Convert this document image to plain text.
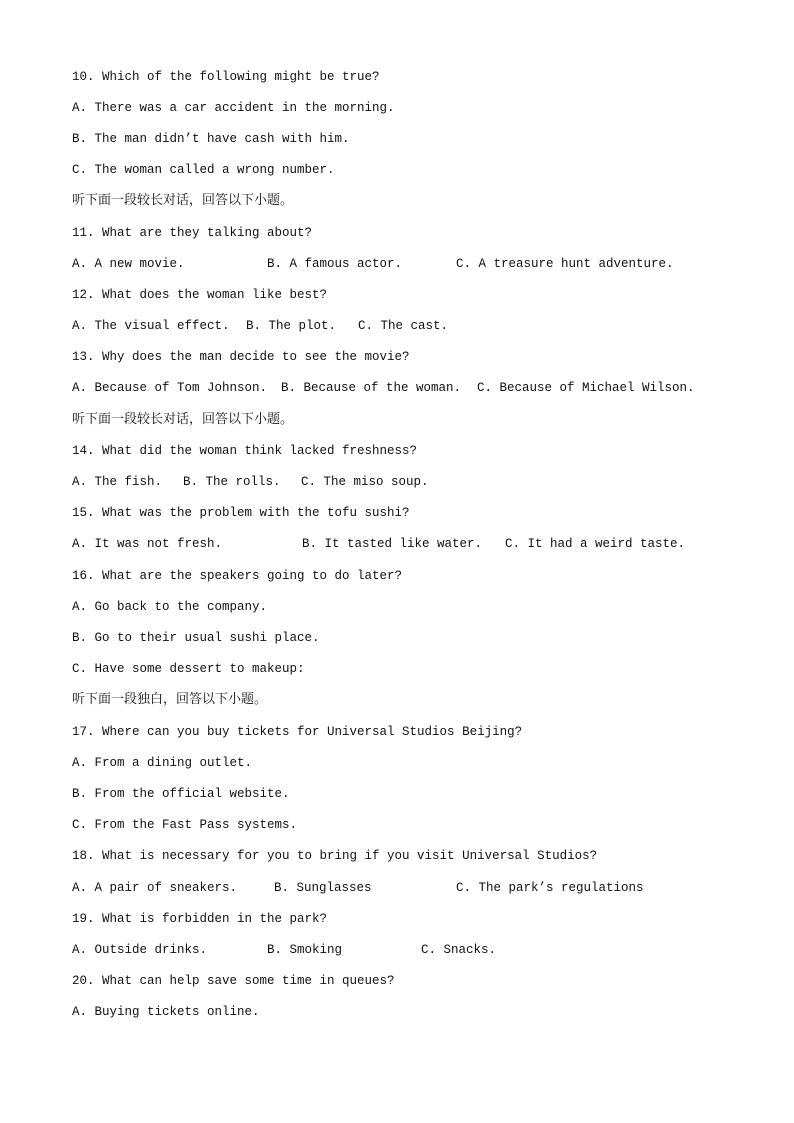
10. Which of the following might be true?
A. There was a car accident in the morning.
B. The man didn’t have cash with him.
C. The woman called a wrong number.
听下面一段较长对话，回答以下小题。
11. What are they talking about?

A. A new movie.

	B. A famous actor.

	C. A treasure hunt adventure.

12. What does the woman like best?

A. The visual effect.

B. The plot.

C. The cast.

13. Why does the man decide to see the movie?

A. Because of Tom Johnson.

B. Because of the woman.

C. Because of Michael Wilson.

听下面一段较长对话，回答以下小题。
14. What did the woman think lacked freshness?

A. The fish.

B. The rolls.

C. The miso soup.

15. What was the problem with the tofu sushi?

A. It was not fresh.

	B. It tasted like water.

C. It had a weird taste.

16. What are the speakers going to do later?
A. Go back to the company.
B. Go to their usual sushi place.
C. Have some dessert to makeup:
听下面一段独白，回答以下小题。
17. Where can you buy tickets for Universal Studios Beijing?
A. From a dining outlet.
B. From the official website.
C. From the Fast Pass systems.
18. What is necessary for you to bring if you visit Universal Studios?

A. A pair of sneakers.

	B. Sunglasses

	C. The park’s regulations

19. What is forbidden in the park?

A. Outside drinks.

	B. Smoking

	C. Snacks.

20. What can help save some time in queues?
A. Buying tickets online.
